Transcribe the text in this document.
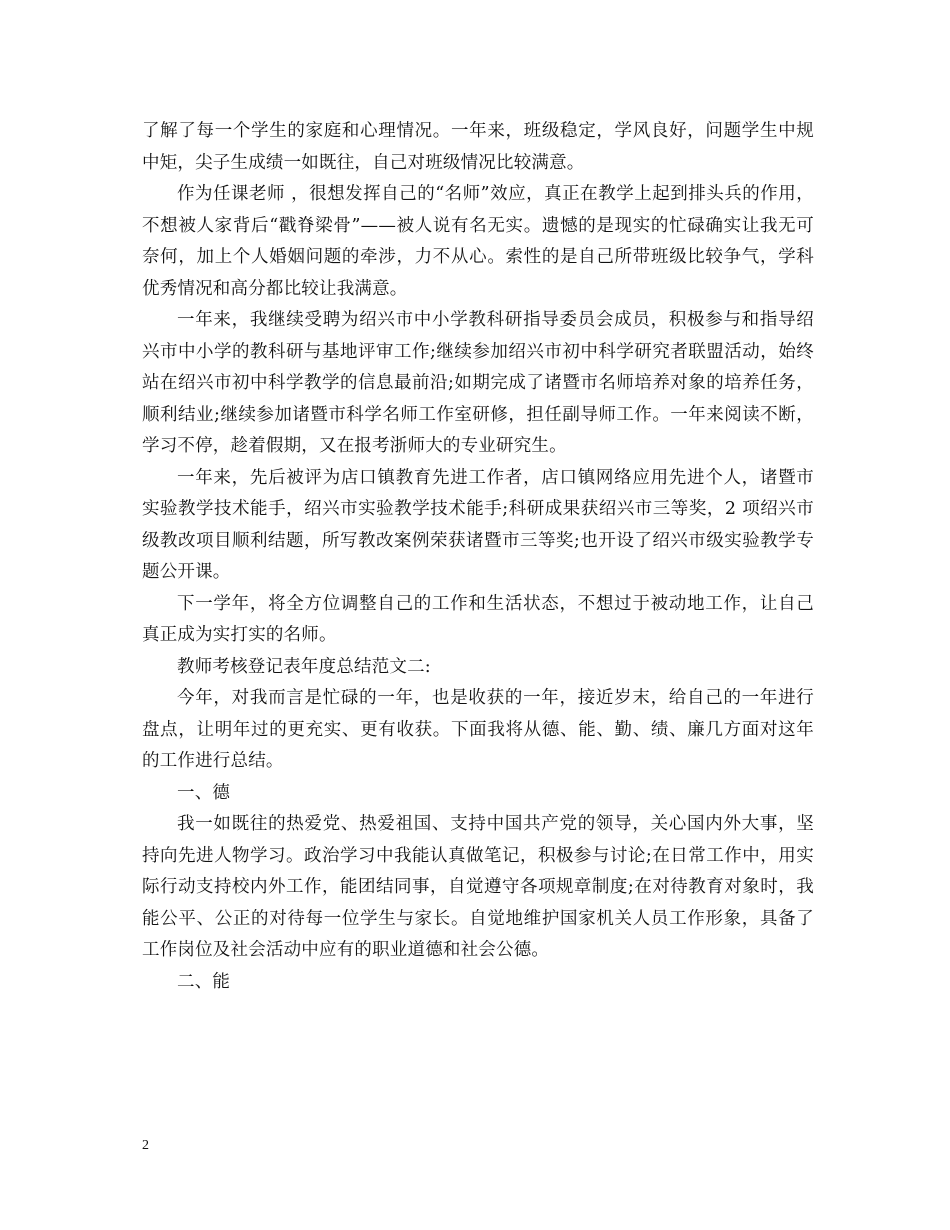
了解了每一个学生的家庭和心理情况。一年来，班级稳定，学风良好，问题学生中规中矩，尖子生成绩一如既往，自己对班级情况比较满意。

作为任课老师 ，很想发挥自己的“名师”效应，真正在教学上起到排头兵的作用，不想被人家背后“戳脊梁骨”——被人说有名无实。遗憾的是现实的忙碌确实让我无可奈何，加上个人婚姻问题的牵涉，力不从心。索性的是自己所带班级比较争气，学科优秀情况和高分都比较让我满意。

一年来，我继续受聘为绍兴市中小学教科研指导委员会成员，积极参与和指导绍兴市中小学的教科研与基地评审工作;继续参加绍兴市初中科学研究者联盟活动，始终站在绍兴市初中科学教学的信息最前沿;如期完成了诸暨市名师培养对象的培养任务，顺利结业;继续参加诸暨市科学名师工作室研修，担任副导师工作。一年来阅读不断，学习不停，趁着假期，又在报考浙师大的专业研究生。

一年来，先后被评为店口镇教育先进工作者，店口镇网络应用先进个人，诸暨市实验教学技术能手，绍兴市实验教学技术能手;科研成果获绍兴市三等奖，2 项绍兴市级教改项目顺利结题，所写教改案例荣获诸暨市三等奖;也开设了绍兴市级实验教学专题公开课。

下一学年，将全方位调整自己的工作和生活状态，不想过于被动地工作，让自己真正成为实打实的名师。

教师考核登记表年度总结范文二:

今年，对我而言是忙碌的一年，也是收获的一年，接近岁末，给自己的一年进行盘点，让明年过的更充实、更有收获。下面我将从德、能、勤、绩、廉几方面对这年的工作进行总结。

一、德

我一如既往的热爱党、热爱祖国、支持中国共产党的领导，关心国内外大事，坚持向先进人物学习。政治学习中我能认真做笔记，积极参与讨论;在日常工作中，用实际行动支持校内外工作，能团结同事，自觉遵守各项规章制度;在对待教育对象时，我能公平、公正的对待每一位学生与家长。自觉地维护国家机关人员工作形象，具备了工作岗位及社会活动中应有的职业道德和社会公德。

二、能

2
